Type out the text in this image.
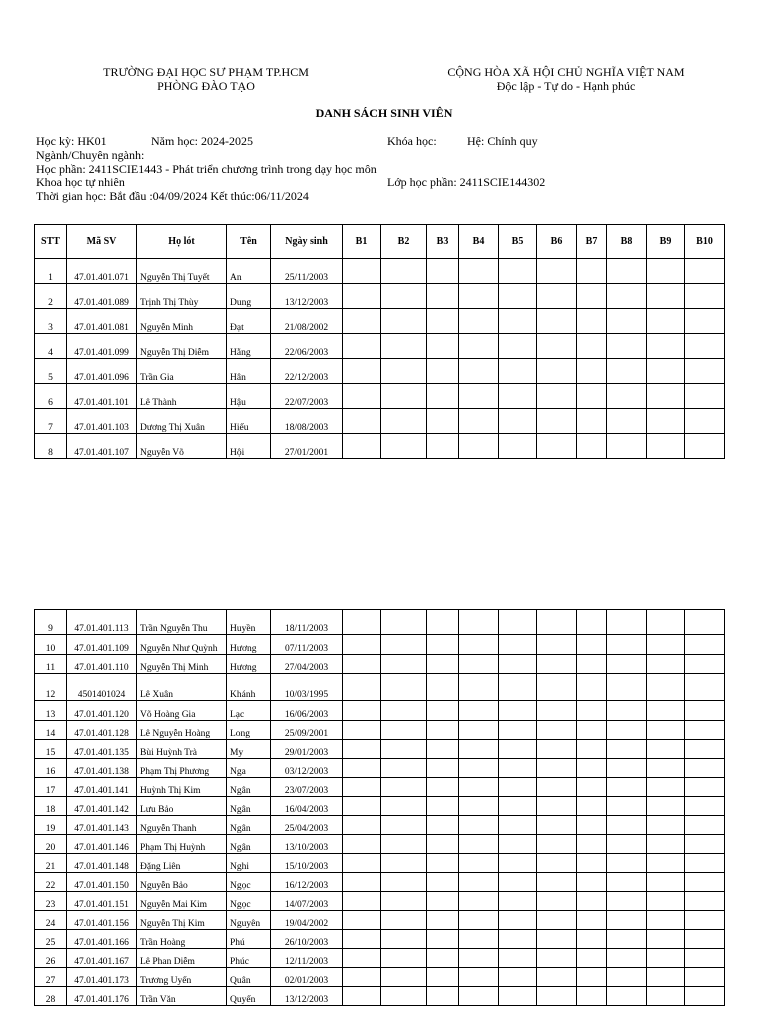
TRƯỜNG ĐẠI HỌC SƯ PHẠM TP.HCM
PHÒNG ĐÀO TẠO
CỘNG HÒA XÃ HỘI CHỦ NGHĨA VIỆT NAM
Độc lập - Tự do - Hạnh phúc
DANH SÁCH SINH VIÊN
Học kỳ: HK01	Năm học: 2024-2025	Khóa học:	Hệ: Chính quy
Ngành/Chuyên ngành:
Học phần: 2411SCIE1443 - Phát triển chương trình trong dạy học môn
Khoa học tự nhiên	Lớp học phần: 2411SCIE144302
Thời gian học: Bắt đầu :04/09/2024 Kết thúc:06/11/2024
STT	Mã SV	Họ lót	Tên	Ngày sinh	B1	B2	B3	B4	B5	B6	B7	B8	B9	B10
1	47.01.401.071	Nguyễn Thị Tuyết	An	25/11/2003										
2	47.01.401.089	Trịnh Thị Thùy	Dung	13/12/2003										
3	47.01.401.081	Nguyễn Minh	Đạt	21/08/2002										
4	47.01.401.099	Nguyễn Thị Diễm	Hằng	22/06/2003										
5	47.01.401.096	Trần Gia	Hân	22/12/2003										
6	47.01.401.101	Lê Thành	Hậu	22/07/2003										
7	47.01.401.103	Dương Thị Xuân	Hiếu	18/08/2003										
8	47.01.401.107	Nguyễn Võ	Hội	27/01/2001										
9	47.01.401.113	Trần Nguyễn Thu	Huyền	18/11/2003										
10	47.01.401.109	Nguyễn Như Quỳnh	Hương	07/11/2003										
11	47.01.401.110	Nguyễn Thị Minh	Hương	27/04/2003										
12	4501401024	Lê Xuân	Khánh	10/03/1995										
13	47.01.401.120	Võ Hoàng Gia	Lạc	16/06/2003										
14	47.01.401.128	Lê Nguyễn Hoàng	Long	25/09/2001										
15	47.01.401.135	Bùi Huỳnh Trà	My	29/01/2003										
16	47.01.401.138	Phạm Thị Phương	Nga	03/12/2003										
17	47.01.401.141	Huỳnh Thị Kim	Ngân	23/07/2003										
18	47.01.401.142	Lưu Bảo	Ngân	16/04/2003										
19	47.01.401.143	Nguyễn Thanh	Ngân	25/04/2003										
20	47.01.401.146	Phạm Thị Huỳnh	Ngân	13/10/2003										
21	47.01.401.148	Đặng Liên	Nghi	15/10/2003										
22	47.01.401.150	Nguyễn Bảo	Ngọc	16/12/2003										
23	47.01.401.151	Nguyễn Mai Kim	Ngọc	14/07/2003										
24	47.01.401.156	Nguyễn Thị Kim	Nguyên	19/04/2002										
25	47.01.401.166	Trần Hoàng	Phú	26/10/2003										
26	47.01.401.167	Lê Phan Diễm	Phúc	12/11/2003										
27	47.01.401.173	Trương Uyến	Quân	02/01/2003										
28	47.01.401.176	Trần Văn	Quyến	13/12/2003										
